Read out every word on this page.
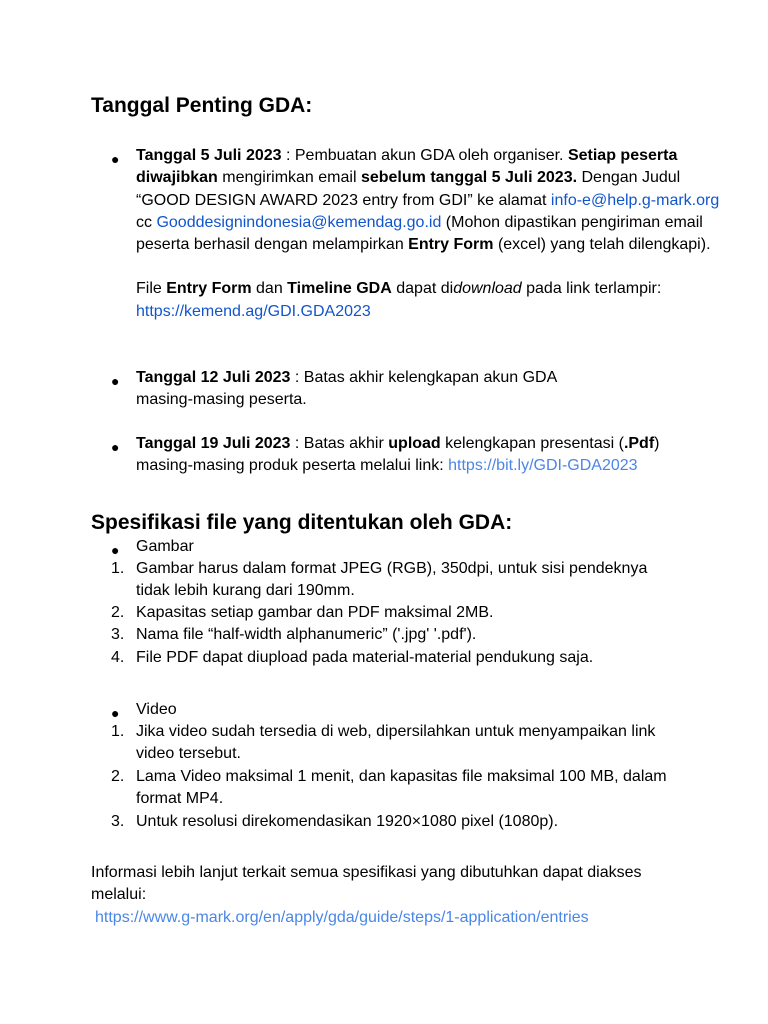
Tanggal Penting GDA:
●	Tanggal 5 Juli 2023 : Pembuatan akun GDA oleh organiser. Setiap peserta diwajibkan mengirimkan email sebelum tanggal 5 Juli 2023. Dengan Judul “GOOD DESIGN AWARD 2023 entry from GDI” ke alamat info-e@help.g-mark.org cc Gooddesignindonesia@kemendag.go.id (Mohon dipastikan pengiriman email peserta berhasil dengan melampirkan Entry Form (excel) yang telah dilengkapi).

File Entry Form dan Timeline GDA dapat didownload pada link terlampir: https://kemend.ag/GDI.GDA2023

●	Tanggal 12 Juli 2023 : Batas akhir kelengkapan akun GDA masing-masing peserta.

●	Tanggal 19 Juli 2023 : Batas akhir upload kelengkapan presentasi (.Pdf) masing-masing produk peserta melalui link: https://bit.ly/GDI-GDA2023

Spesifikasi file yang ditentukan oleh GDA:
●	Gambar
1. Gambar harus dalam format JPEG (RGB), 350dpi, untuk sisi pendeknya tidak lebih kurang dari 190mm.
2. Kapasitas setiap gambar dan PDF maksimal 2MB.
3. Nama file “half-width alphanumeric” ('.jpg' '.pdf').
4. File PDF dapat diupload pada material-material pendukung saja.
●	Video
1. Jika video sudah tersedia di web, dipersilahkan untuk menyampaikan link video tersebut.
2. Lama Video maksimal 1 menit, dan kapasitas file maksimal 100 MB, dalam format MP4.
3. Untuk resolusi direkomendasikan 1920×1080 pixel (1080p).
Informasi lebih lanjut terkait semua spesifikasi yang dibutuhkan dapat diakses melalui:
https://www.g-mark.org/en/apply/gda/guide/steps/1-application/entries
